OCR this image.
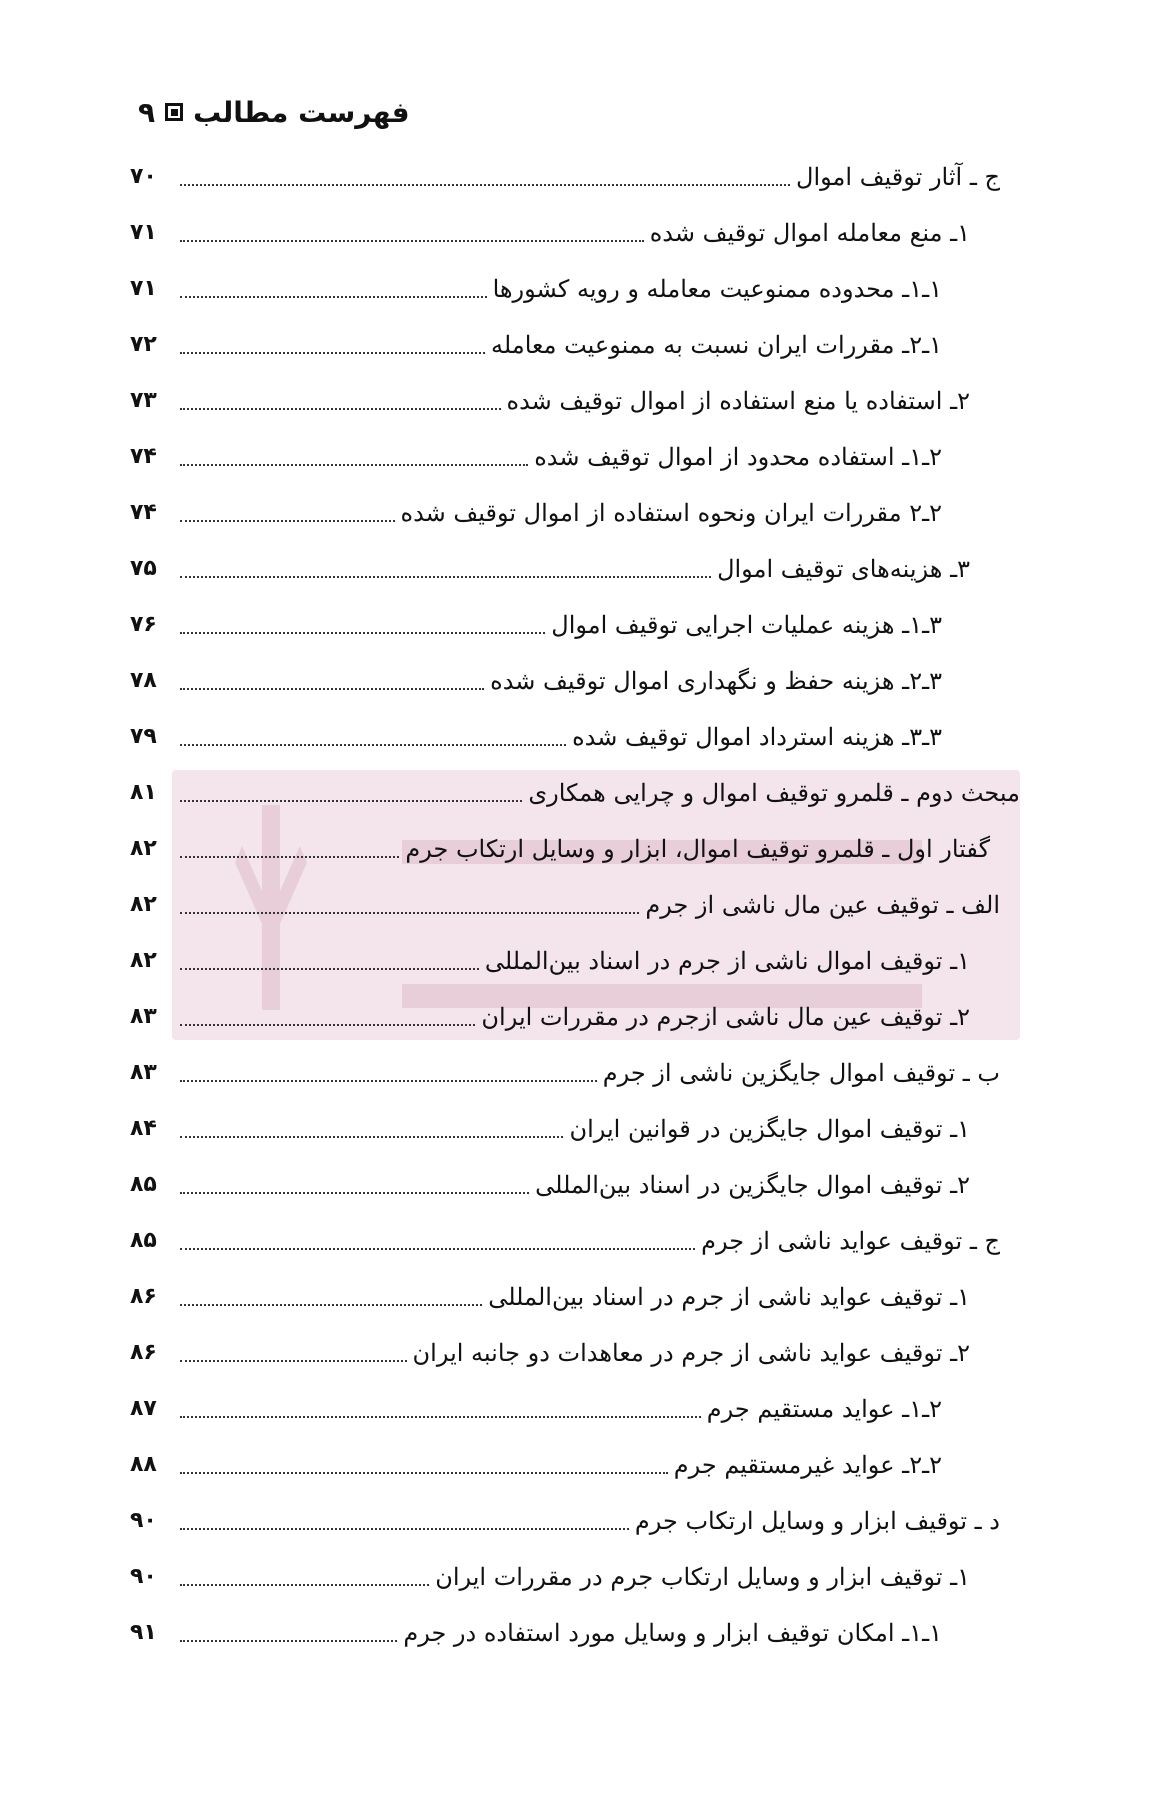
فهرست مطالب
۹
ج ـ آثار توقیف اموال
۷۰
۱ـ منع معامله اموال توقیف شده
۷۱
۱ـ۱ـ محدوده ممنوعیت معامله و رویه کشورها
۷۱
۱ـ۲ـ مقررات ایران نسبت به ممنوعیت معامله
۷۲
۲ـ استفاده یا منع استفاده از اموال توقیف شده
۷۳
۲ـ۱ـ استفاده محدود از اموال توقیف شده
۷۴
۲ـ۲ مقررات ایران ونحوه استفاده از اموال توقیف شده
۷۴
۳ـ هزینه‌های توقیف اموال
۷۵
۳ـ۱ـ هزینه عملیات اجرایی توقیف اموال
۷۶
۳ـ۲ـ هزینه حفظ و نگهداری اموال توقیف شده
۷۸
۳ـ۳ـ هزینه استرداد اموال توقیف شده
۷۹
مبحث دوم ـ قلمرو توقیف اموال و چرایی همکاری
۸۱
گفتار اول ـ قلمرو توقیف اموال، ابزار و وسایل ارتکاب جرم
۸۲
الف ـ توقیف عین مال ناشی از جرم
۸۲
۱ـ توقیف اموال ناشی از جرم در اسناد بین‌المللی
۸۲
۲ـ توقیف عین مال ناشی ازجرم در مقررات ایران
۸۳
ب ـ توقیف اموال جایگزین ناشی از جرم
۸۳
۱ـ توقیف اموال جایگزین در قوانین ایران
۸۴
۲ـ توقیف اموال جایگزین در اسناد بین‌المللی
۸۵
ج ـ توقیف عواید ناشی از جرم
۸۵
۱ـ توقیف عواید ناشی از جرم در اسناد بین‌المللی
۸۶
۲ـ توقیف عواید ناشی از جرم در معاهدات دو جانبه ایران
۸۶
۲ـ۱ـ عواید مستقیم جرم
۸۷
۲ـ۲ـ عواید غیرمستقیم جرم
۸۸
د ـ توقیف ابزار و وسایل ارتکاب جرم
۹۰
۱ـ توقیف ابزار و وسایل ارتکاب جرم در مقررات ایران
۹۰
۱ـ۱ـ امکان توقیف ابزار و وسایل مورد استفاده در جرم
۹۱
